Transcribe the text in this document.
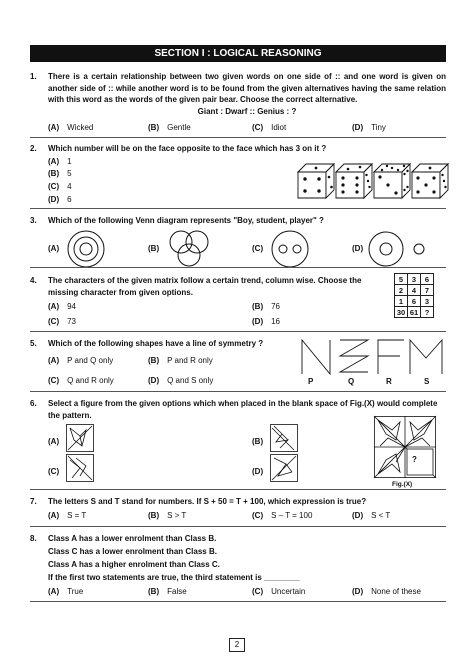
SECTION I : LOGICAL REASONING
1. There is a certain relationship between two given words on one side of :: and one word is given on another side of :: while another word is to be found from the given alternatives having the same relation with this word as the words of the given pair bear. Choose the correct alternative.
Giant : Dwarf :: Genius : ?
(A) Wicked	(B) Gentle	(C) Idiot	(D) Tiny
2. Which number will be on the face opposite to the face which has 3 on it ?
(A) 1
(B) 5
(C) 4
(D) 6
3. Which of the following Venn diagram represents "Boy, student, player" ?
(A)	(B)	(C)	(D)
4. The characters of the given matrix follow a certain trend, column wise. Choose the missing character from given options.
(A) 94	(B) 76
(C) 73	(D) 16
5	3	6
2	4	7
1	6	3
30	61	?
5. Which of the following shapes have a line of symmetry ?
(A) P and Q only	(B) P and R only
(C) Q and R only	(D) Q and S only	P	Q	R	S
6. Select a figure from the given options which when placed in the blank space of Fig.(X) would complete the pattern.
(A)	(B)
(C)	(D)
?
Fig.(X)
7. The letters S and T stand for numbers. If S + 50 = T + 100, which expression is true?
(A) S = T	(B) S > T	(C) S – T = 100	(D) S < T
8. Class A has a lower enrolment than Class B.
Class C has a lower enrolment than Class B.
Class A has a higher enrolment than Class C.
If the first two statements are true, the third statement is ________
(A) True	(B) False	(C) Uncertain	(D) None of these
2
